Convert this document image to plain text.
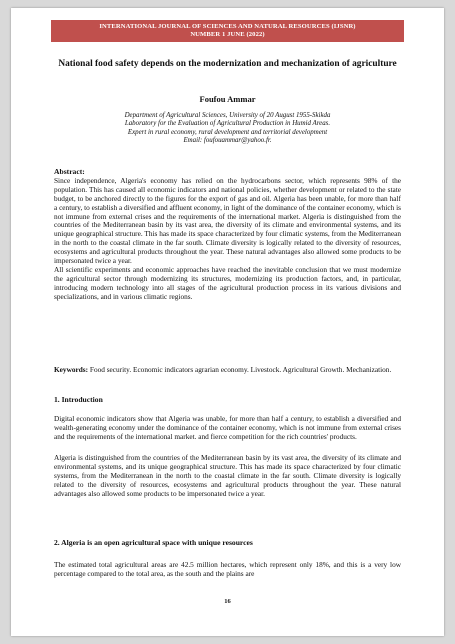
INTERNATIONAL JOURNAL OF SCIENCES AND NATURAL RESOURCES (IJSNR)
NUMBER 1 JUNE (2022)
National food safety depends on the modernization and mechanization of agriculture
Foufou Ammar
Department of Agricultural Sciences, University of 20 August 1955-Skikda
Laboratory for the Evaluation of Agricultural Production in Humid Areas.
Expert in rural economy, rural development and territorial development
Email: foufouammar@yahoo.fr.
Abstract:

Since independence, Algeria's economy has relied on the hydrocarbons sector, which represents 98% of the population. This has caused all economic indicators and national policies, whether development or related to the state budget, to be anchored directly to the figures for the export of gas and oil. Algeria has been unable, for more than half a century, to establish a diversified and affluent economy, in light of the dominance of the container economy, which is not immune from external crises and the requirements of the international market. Algeria is distinguished from the countries of the Mediterranean basin by its vast area, the diversity of its climate and environmental systems, and its unique geographical structure. This has made its space characterized by four climatic systems, from the Mediterranean in the north to the coastal climate in the far south. Climate diversity is logically related to the diversity of resources, ecosystems and agricultural products throughout the year. These natural advantages also allowed some products to be impersonated twice a year.

All scientific experiments and economic approaches have reached the inevitable conclusion that we must modernize the agricultural sector through modernizing its structures, modernizing its production factors, and, in particular, introducing modern technology into all stages of the agricultural production process in its various divisions and specializations, and in various climatic regions.

Keywords: Food security. Economic indicators agrarian economy. Livestock. Agricultural Growth. Mechanization.

1. Introduction
Digital economic indicators show that Algeria was unable, for more than half a century, to establish a diversified and wealth-generating economy under the dominance of the container economy, which is not immune from external crises and the requirements of the international market. and fierce competition for the rich countries' products.
Algeria is distinguished from the countries of the Mediterranean basin by its vast area, the diversity of its climate and environmental systems, and its unique geographical structure. This has made its space characterized by four climatic systems, from the Mediterranean in the north to the coastal climate in the far south. Climate diversity is logically related to the diversity of resources, ecosystems and agricultural products throughout the year. These natural advantages also allowed some products to be impersonated twice a year.
2. Algeria is an open agricultural space with unique resources
The estimated total agricultural areas are 42.5 million hectares, which represent only 18%, and this is a very low percentage compared to the total area, as the south and the plains are
16
